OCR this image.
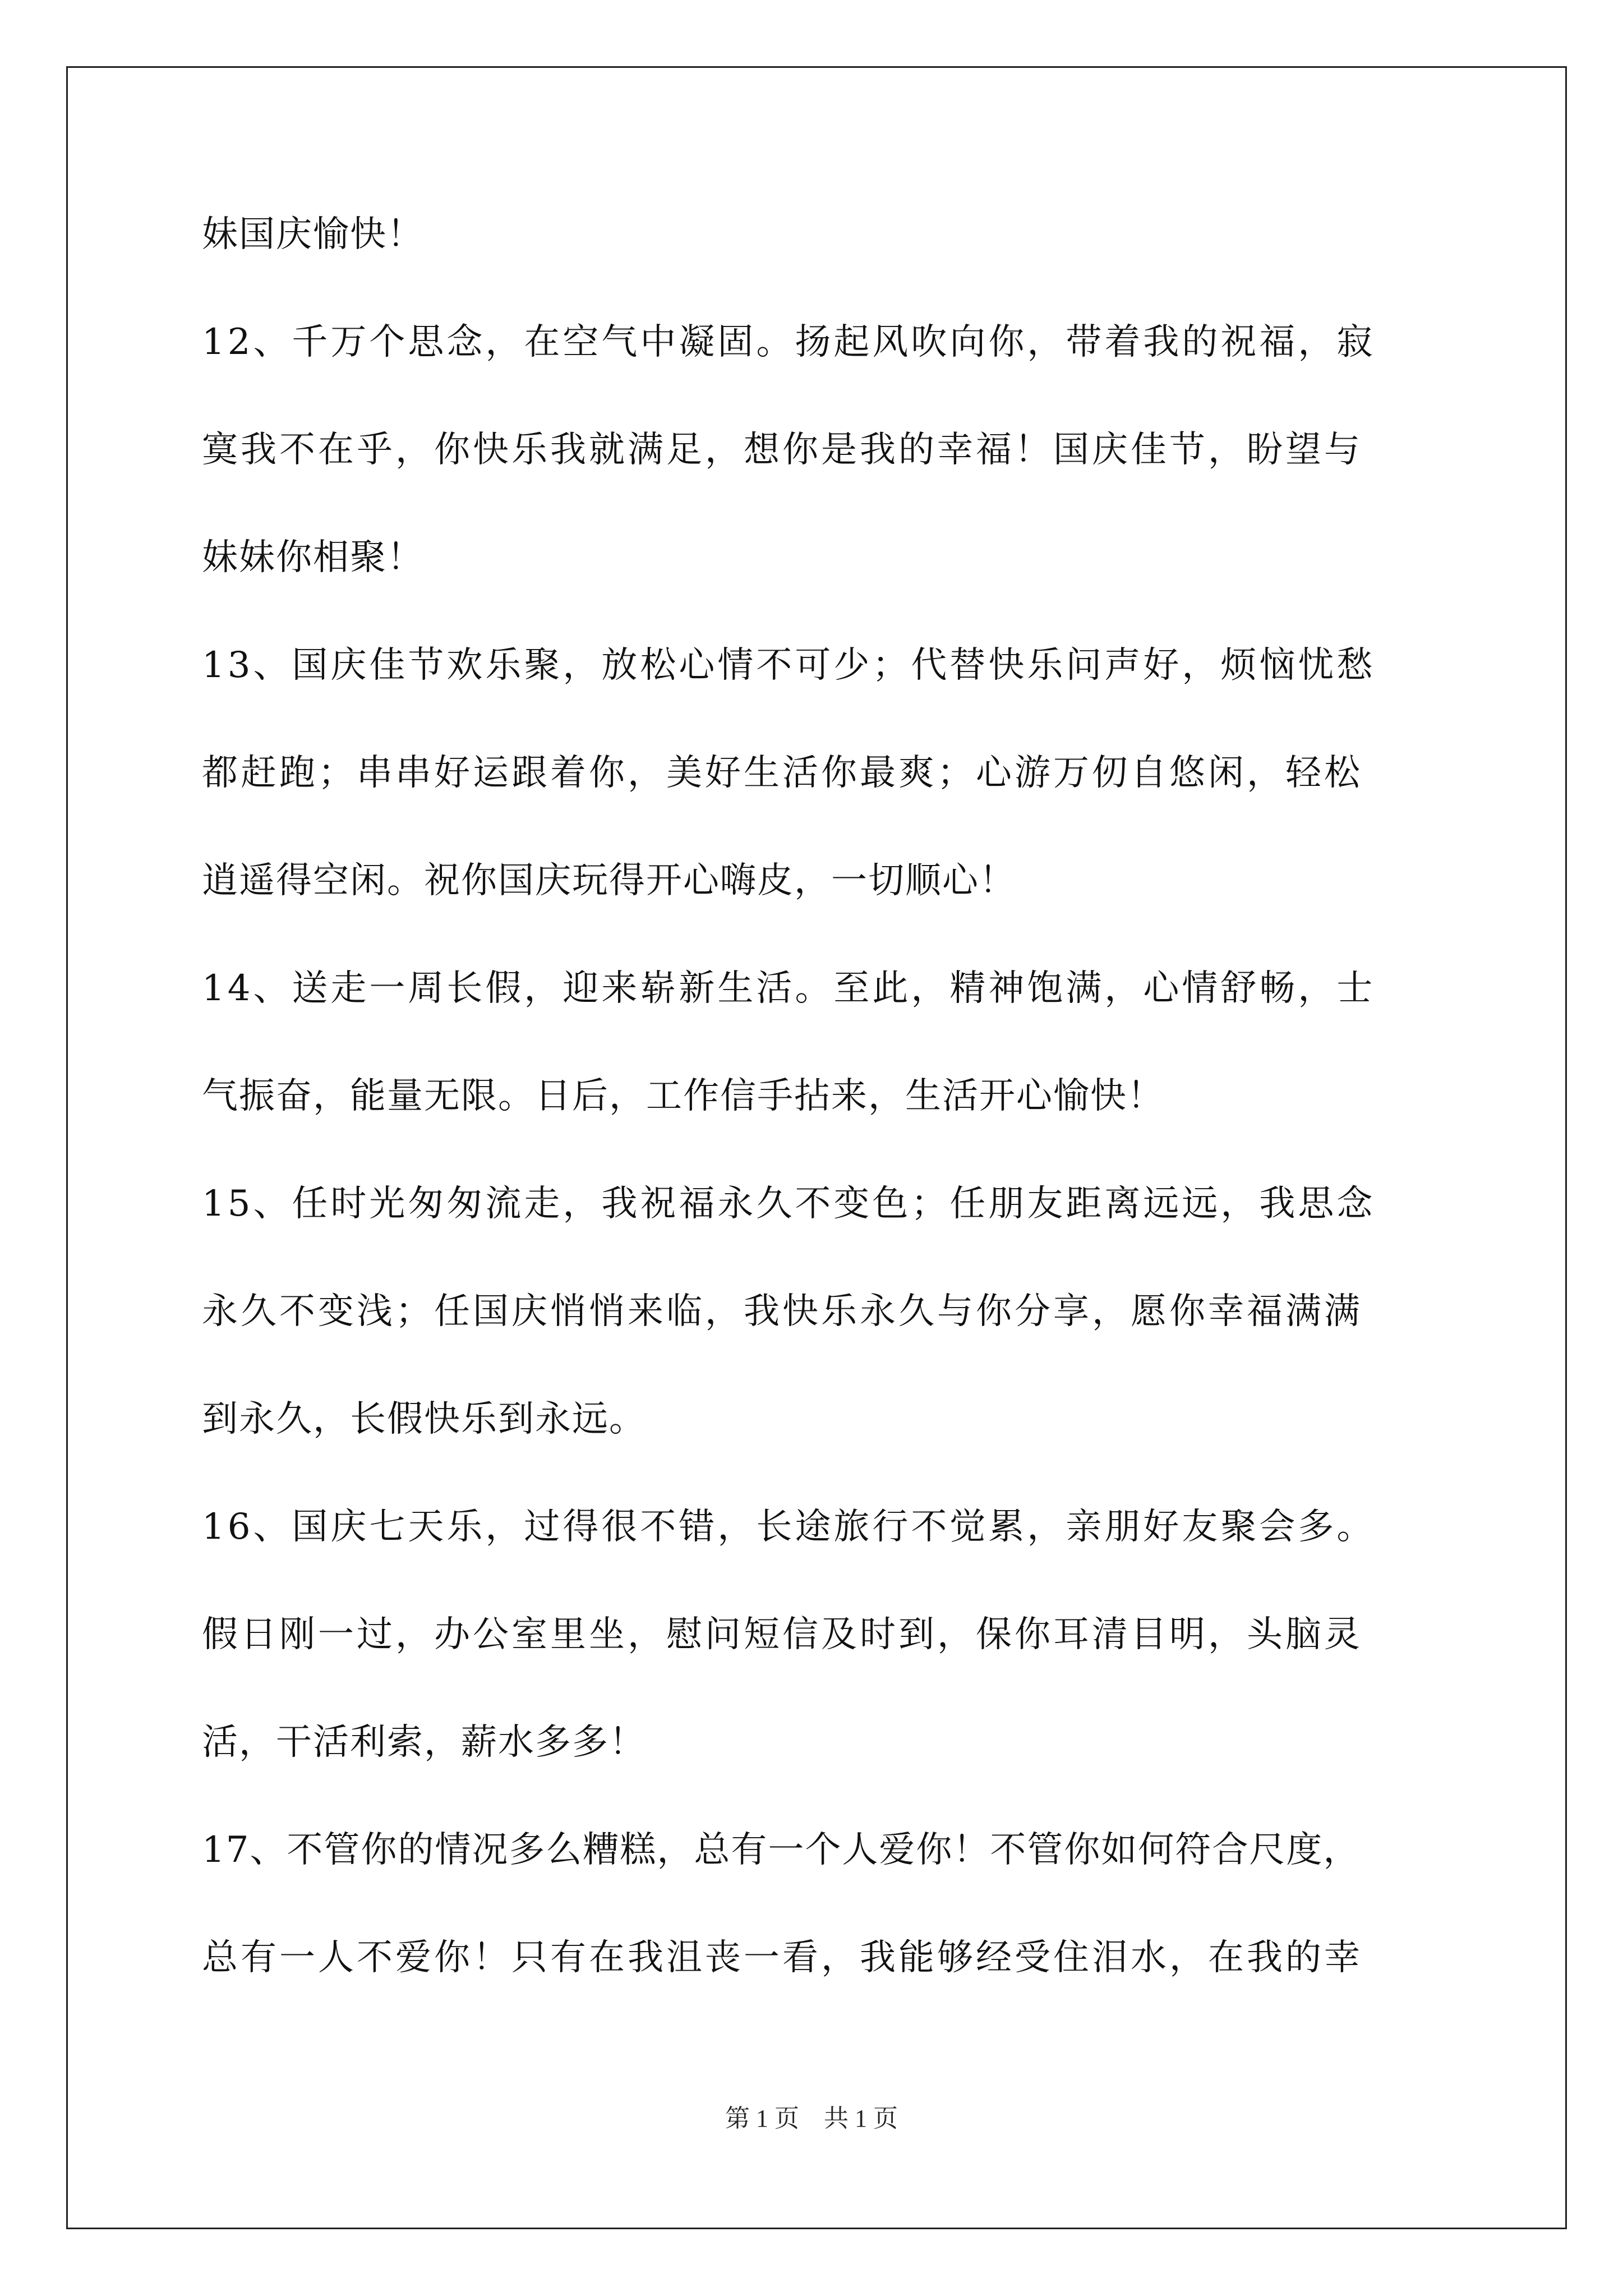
妹国庆愉快！
12、千万个思念，在空气中凝固。扬起风吹向你，带着我的祝福，寂
寞我不在乎，你快乐我就满足，想你是我的幸福！国庆佳节，盼望与
妹妹你相聚！
13、国庆佳节欢乐聚，放松心情不可少；代替快乐问声好，烦恼忧愁
都赶跑；串串好运跟着你，美好生活你最爽；心游万仞自悠闲，轻松
逍遥得空闲。祝你国庆玩得开心嗨皮，一切顺心！
14、送走一周长假，迎来崭新生活。至此，精神饱满，心情舒畅，士
气振奋，能量无限。日后，工作信手拈来，生活开心愉快！
15、任时光匆匆流走，我祝福永久不变色；任朋友距离远远，我思念
永久不变浅；任国庆悄悄来临，我快乐永久与你分享，愿你幸福满满
到永久，长假快乐到永远。
16、国庆七天乐，过得很不错，长途旅行不觉累，亲朋好友聚会多。
假日刚一过，办公室里坐，慰问短信及时到，保你耳清目明，头脑灵
活，干活利索，薪水多多！
17、不管你的情况多么糟糕，总有一个人爱你！不管你如何符合尺度，
总有一人不爱你！只有在我沮丧一看，我能够经受住泪水，在我的幸
第 1 页    共 1 页
